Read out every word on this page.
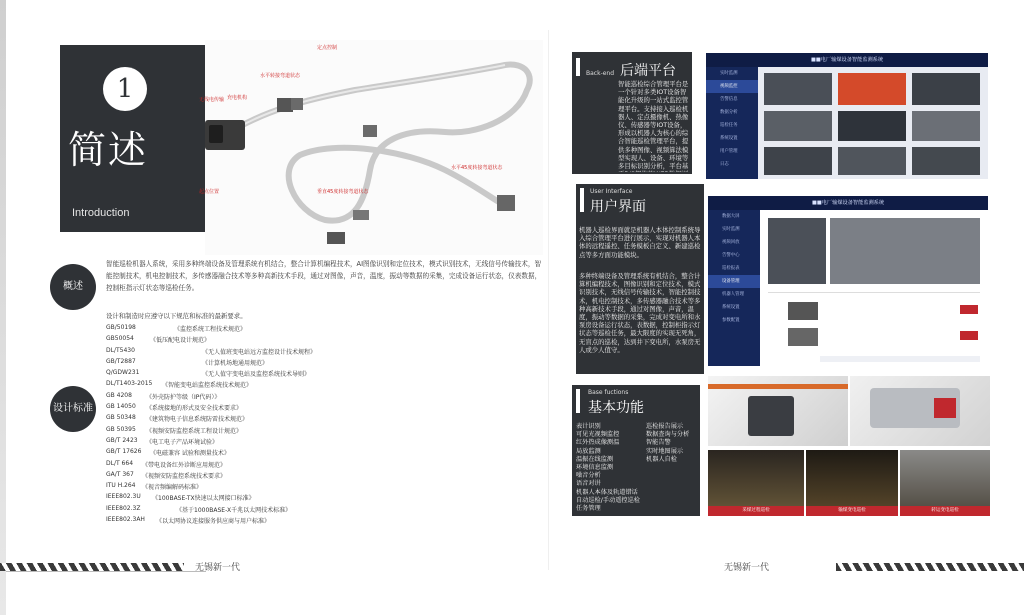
1
简述
Introduction
定点控制
充电机构
无线电传输
起点位置
水平转接弯道状态
垂直45度转接弯道状态
水平45度转接弯道状态
概述
智能巡检机器人系统，采用多种终端设备及管理系统有机结合，整合计算机编程技术，AI图像识别和定位技术，模式识别技术，无线信号传输技术，智能控制技术，机电控制技术，多传感器融合技术等多种高新技术手段，通过对图像，声音，温度，振动等数据的采集，完成设备运行状态，仪表数据，控制柜指示灯状态等巡检任务。
设计标准
设计和制造时应遵守以下规范和标准的最新要求。
GB/50198	《监控系统工程技术规范》
GB50054	《低压配电设计规范》
DL/T5430	《无人值班变电站远方监控设计技术规程》
GB/T2887	《计算机场地通用规范》
Q/GDW231	《无人值守变电站及监控系统技术导则》
DL/T1403-2015 《智能变电站监控系统技术规范》
GB 4208 《外壳防护等级（IP代码）》
GB 14050 《系统接地的形式及安全技术要求》
GB 50348 《建筑物电子信息系统防雷技术规范》
GB 50395 《视频安防监控系统工程设计规范》
GB/T 2423 《电工电子产品环境试验》
GB/T 17626 《电磁兼容 试验和测量技术》
DL/T 664 《带电设备红外诊断应用规范》
GA/T 367 《视频安防监控系统技术要求》
ITU H.264 《视音频编解码标准》
IEEE802.3U 《100BASE-TX快速以太网接口标准》
IEEE802.3Z	《基于1000BASE-X千兆以太网技术标准》
IEEE802.3AH 《以太网协议连接服务供应商与用户标准》
无锡新一代
Back-end 后端平台
智能巡检综合管理平台是一个针对多类IOT设备智能化升级的一站式监控管理平台。支持接入巡检机器人、定点摄像机、热像仪、传感器等IOT设备，形成以机器人为核心的综合智能巡检管理平台，提供多种图像、视频算法模型实现人、设备、环境等多目标识别分析，平台基
■■电厂输煤设备智能监测系统
实时监测
视频监控
告警信息
数据分析
巡检任务
系统设置
用户管理
日志
User Interface
用户界面
机器人巡检界面就是机器人本体控制系统导入综合管理平台进行展示，实现对机器人本体的远程遥控、任务模板自定义、新建巡检点等多方面功能模块。
多种终端设备及管理系统有机结合，整合计算机编程技术，图像识别和定位技术，模式识别技术，无线信号传输技术，智能控制技术，机电控制技术，多传感器融合技术等多种高新技术手段，通过对图像，声音，温度，振动等数据的采集，完成对变电所和水泵房设备运行状态，表数据，控制柜指示灯状态等巡检任务，最大限度的实现无死角，无盲点的巡检，达到井下变电所，水泵房无人或少人值守。
■■电厂输煤设备智能监测系统
数据大屏
实时监测
视频回放
告警中心
巡检报表
设备管理
机器人管理
系统设置
参数配置
Base fuctions
基本功能
表计识别
可见光视频监控
红外热成像测温
局放监测
温振在线监测
环境信息监测
噪音分析
语音对讲
机器人本体及轨道错话
自动巡检/手动遥控巡检
任务管理
巡检报告展示
数据查询与分析
智能告警
实时地图展示
机器人自检
采煤过程巡检	输煤变电巡检	转运变电巡检
无锡新一代
